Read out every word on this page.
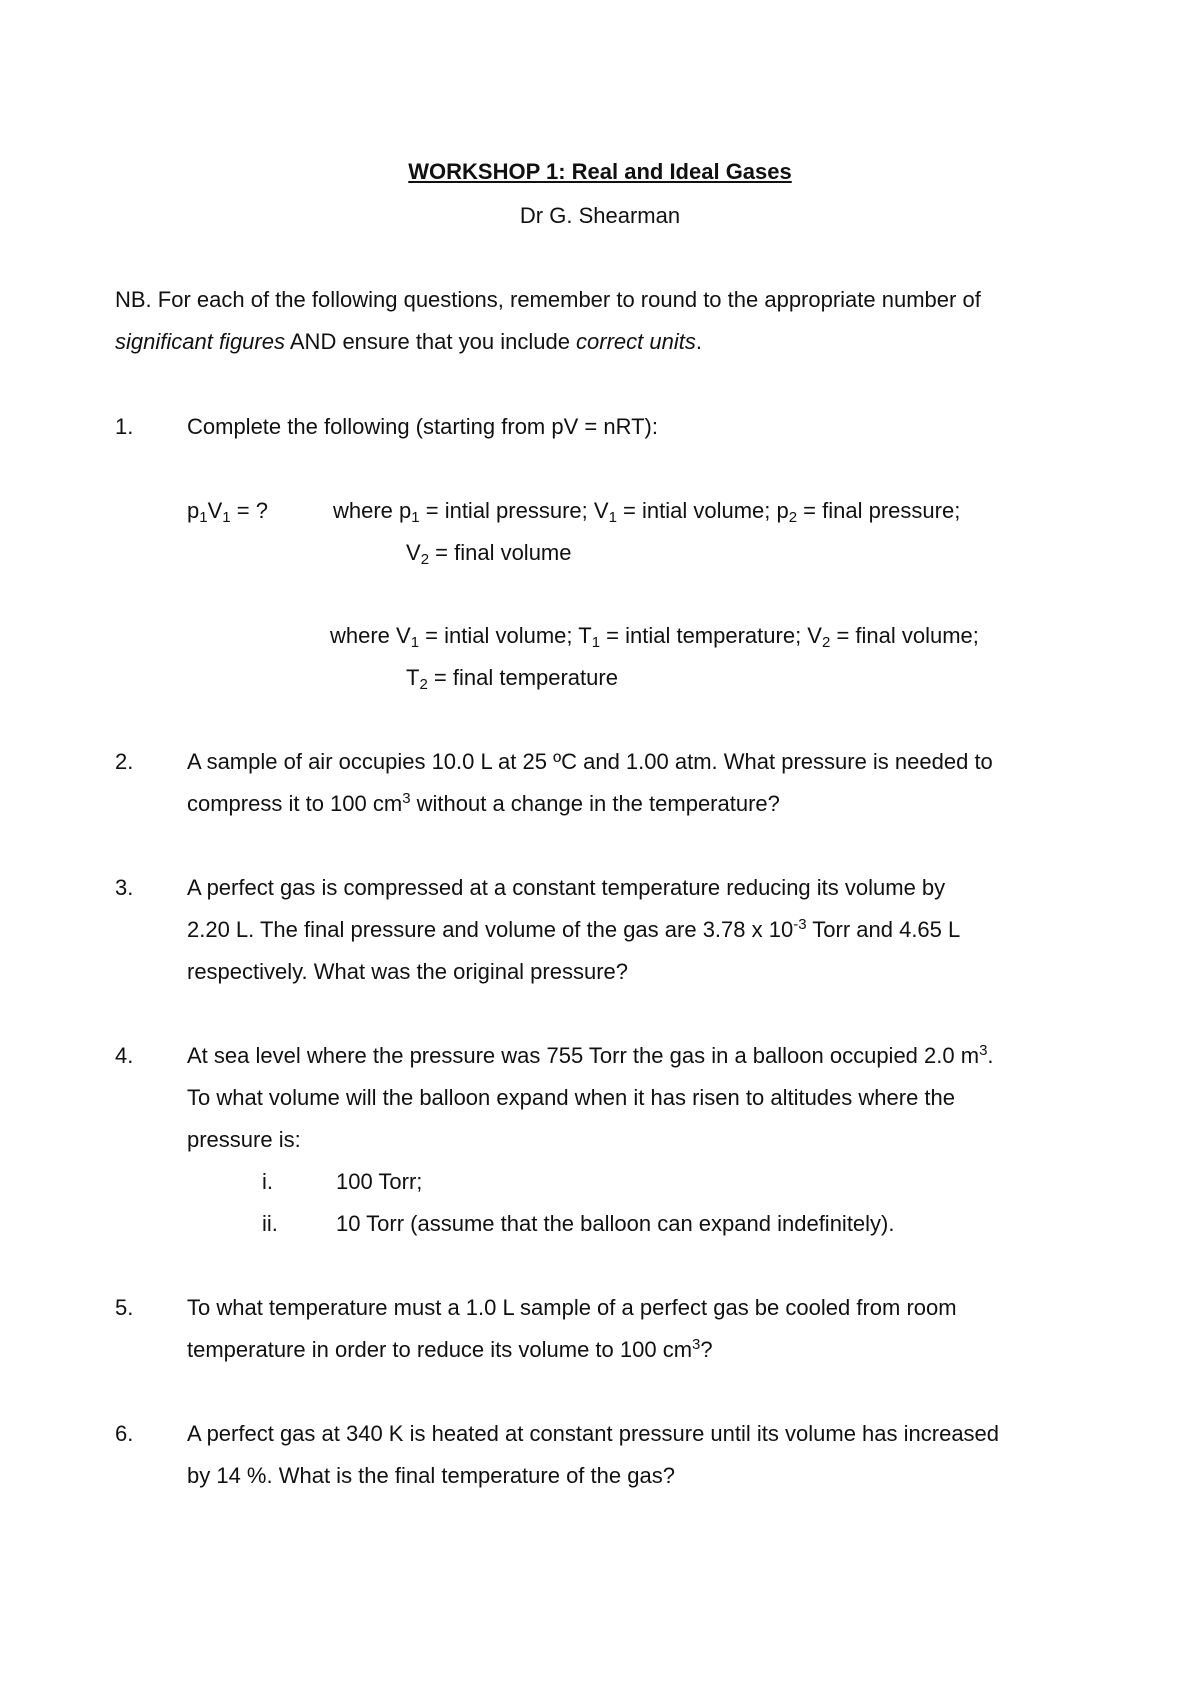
WORKSHOP 1: Real and Ideal Gases
Dr G. Shearman
NB. For each of the following questions, remember to round to the appropriate number of
significant figures AND ensure that you include correct units.
1. Complete the following (starting from pV = nRT):
$p_1V_1$ = ?	where $p_1$ = intial pressure; $V_1$ = intial volume; $p_2$ = final pressure;
$V_2$ = final volume
where $V_1$ = intial volume; $T_1$ = intial temperature; $V_2$ = final volume;
$T_2$ = final temperature
2. A sample of air occupies 10.0 L at 25 ºC and 1.00 atm. What pressure is needed to
compress it to 100 $cm^3$ without a change in the temperature?
3. A perfect gas is compressed at a constant temperature reducing its volume by
2.20 L. The final pressure and volume of the gas are 3.78 x $10^{-3}$ Torr and 4.65 L
respectively. What was the original pressure?
4. At sea level where the pressure was 755 Torr the gas in a balloon occupied 2.0 $m^3$.
To what volume will the balloon expand when it has risen to altitudes where the
pressure is:
i.	100 Torr;
ii.	10 Torr (assume that the balloon can expand indefinitely).
5. To what temperature must a 1.0 L sample of a perfect gas be cooled from room
temperature in order to reduce its volume to 100 $cm^3$?
6. A perfect gas at 340 K is heated at constant pressure until its volume has increased
by 14 %. What is the final temperature of the gas?
